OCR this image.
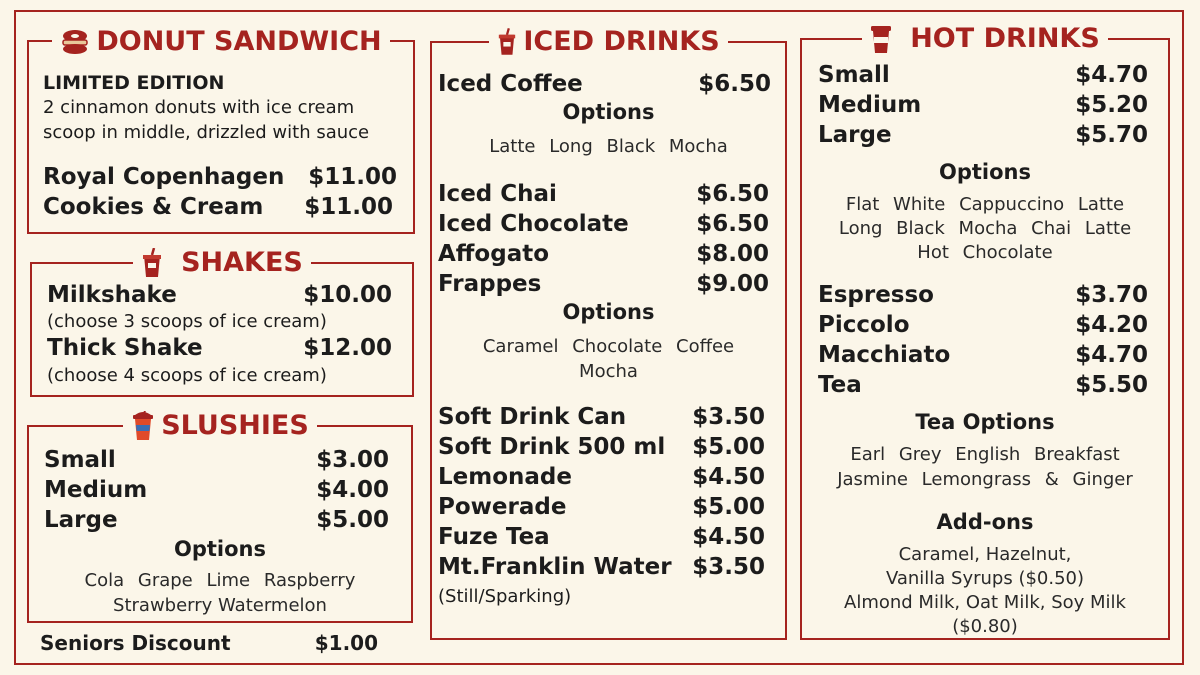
DONUT SANDWICH
LIMITED EDITION
2 cinnamon donuts with ice cream
scoop in middle, drizzled with sauce
Royal Copenhagen $11.00
Cookies & Cream $11.00
SHAKES
Milkshake	$10.00
(choose 3 scoops of ice cream)
Thick Shake	$12.00
(choose 4 scoops of ice cream)
SLUSHIES
Small	$3.00
Medium	$4.00
Large	$5.00
Options
Cola Grape Lime Raspberry
Strawberry Watermelon
Seniors Discount	$1.00
ICED DRINKS
Iced Coffee	$6.50
Options
Latte Long Black Mocha
Iced Chai	$6.50
Iced Chocolate	$6.50
Affogato	$8.00
Frappes	$9.00
Options
Caramel Chocolate Coffee
Mocha
Soft Drink Can	$3.50
Soft Drink 500 ml $5.00
Lemonade	$4.50
Powerade	$5.00
Fuze Tea	$4.50
Mt.Franklin Water $3.50
(Still/Sparking)
HOT DRINKS
Small	$4.70
Medium	$5.20
Large	$5.70
Options
Flat White Cappuccino Latte
Long Black Mocha Chai Latte
Hot Chocolate
Espresso	$3.70
Piccolo	$4.20
Macchiato	$4.70
Tea	$5.50
Tea Options
Earl Grey English Breakfast
Jasmine Lemongrass & Ginger
Add-ons
Caramel, Hazelnut,
Vanilla Syrups ($0.50)
Almond Milk, Oat Milk, Soy Milk
($0.80)
